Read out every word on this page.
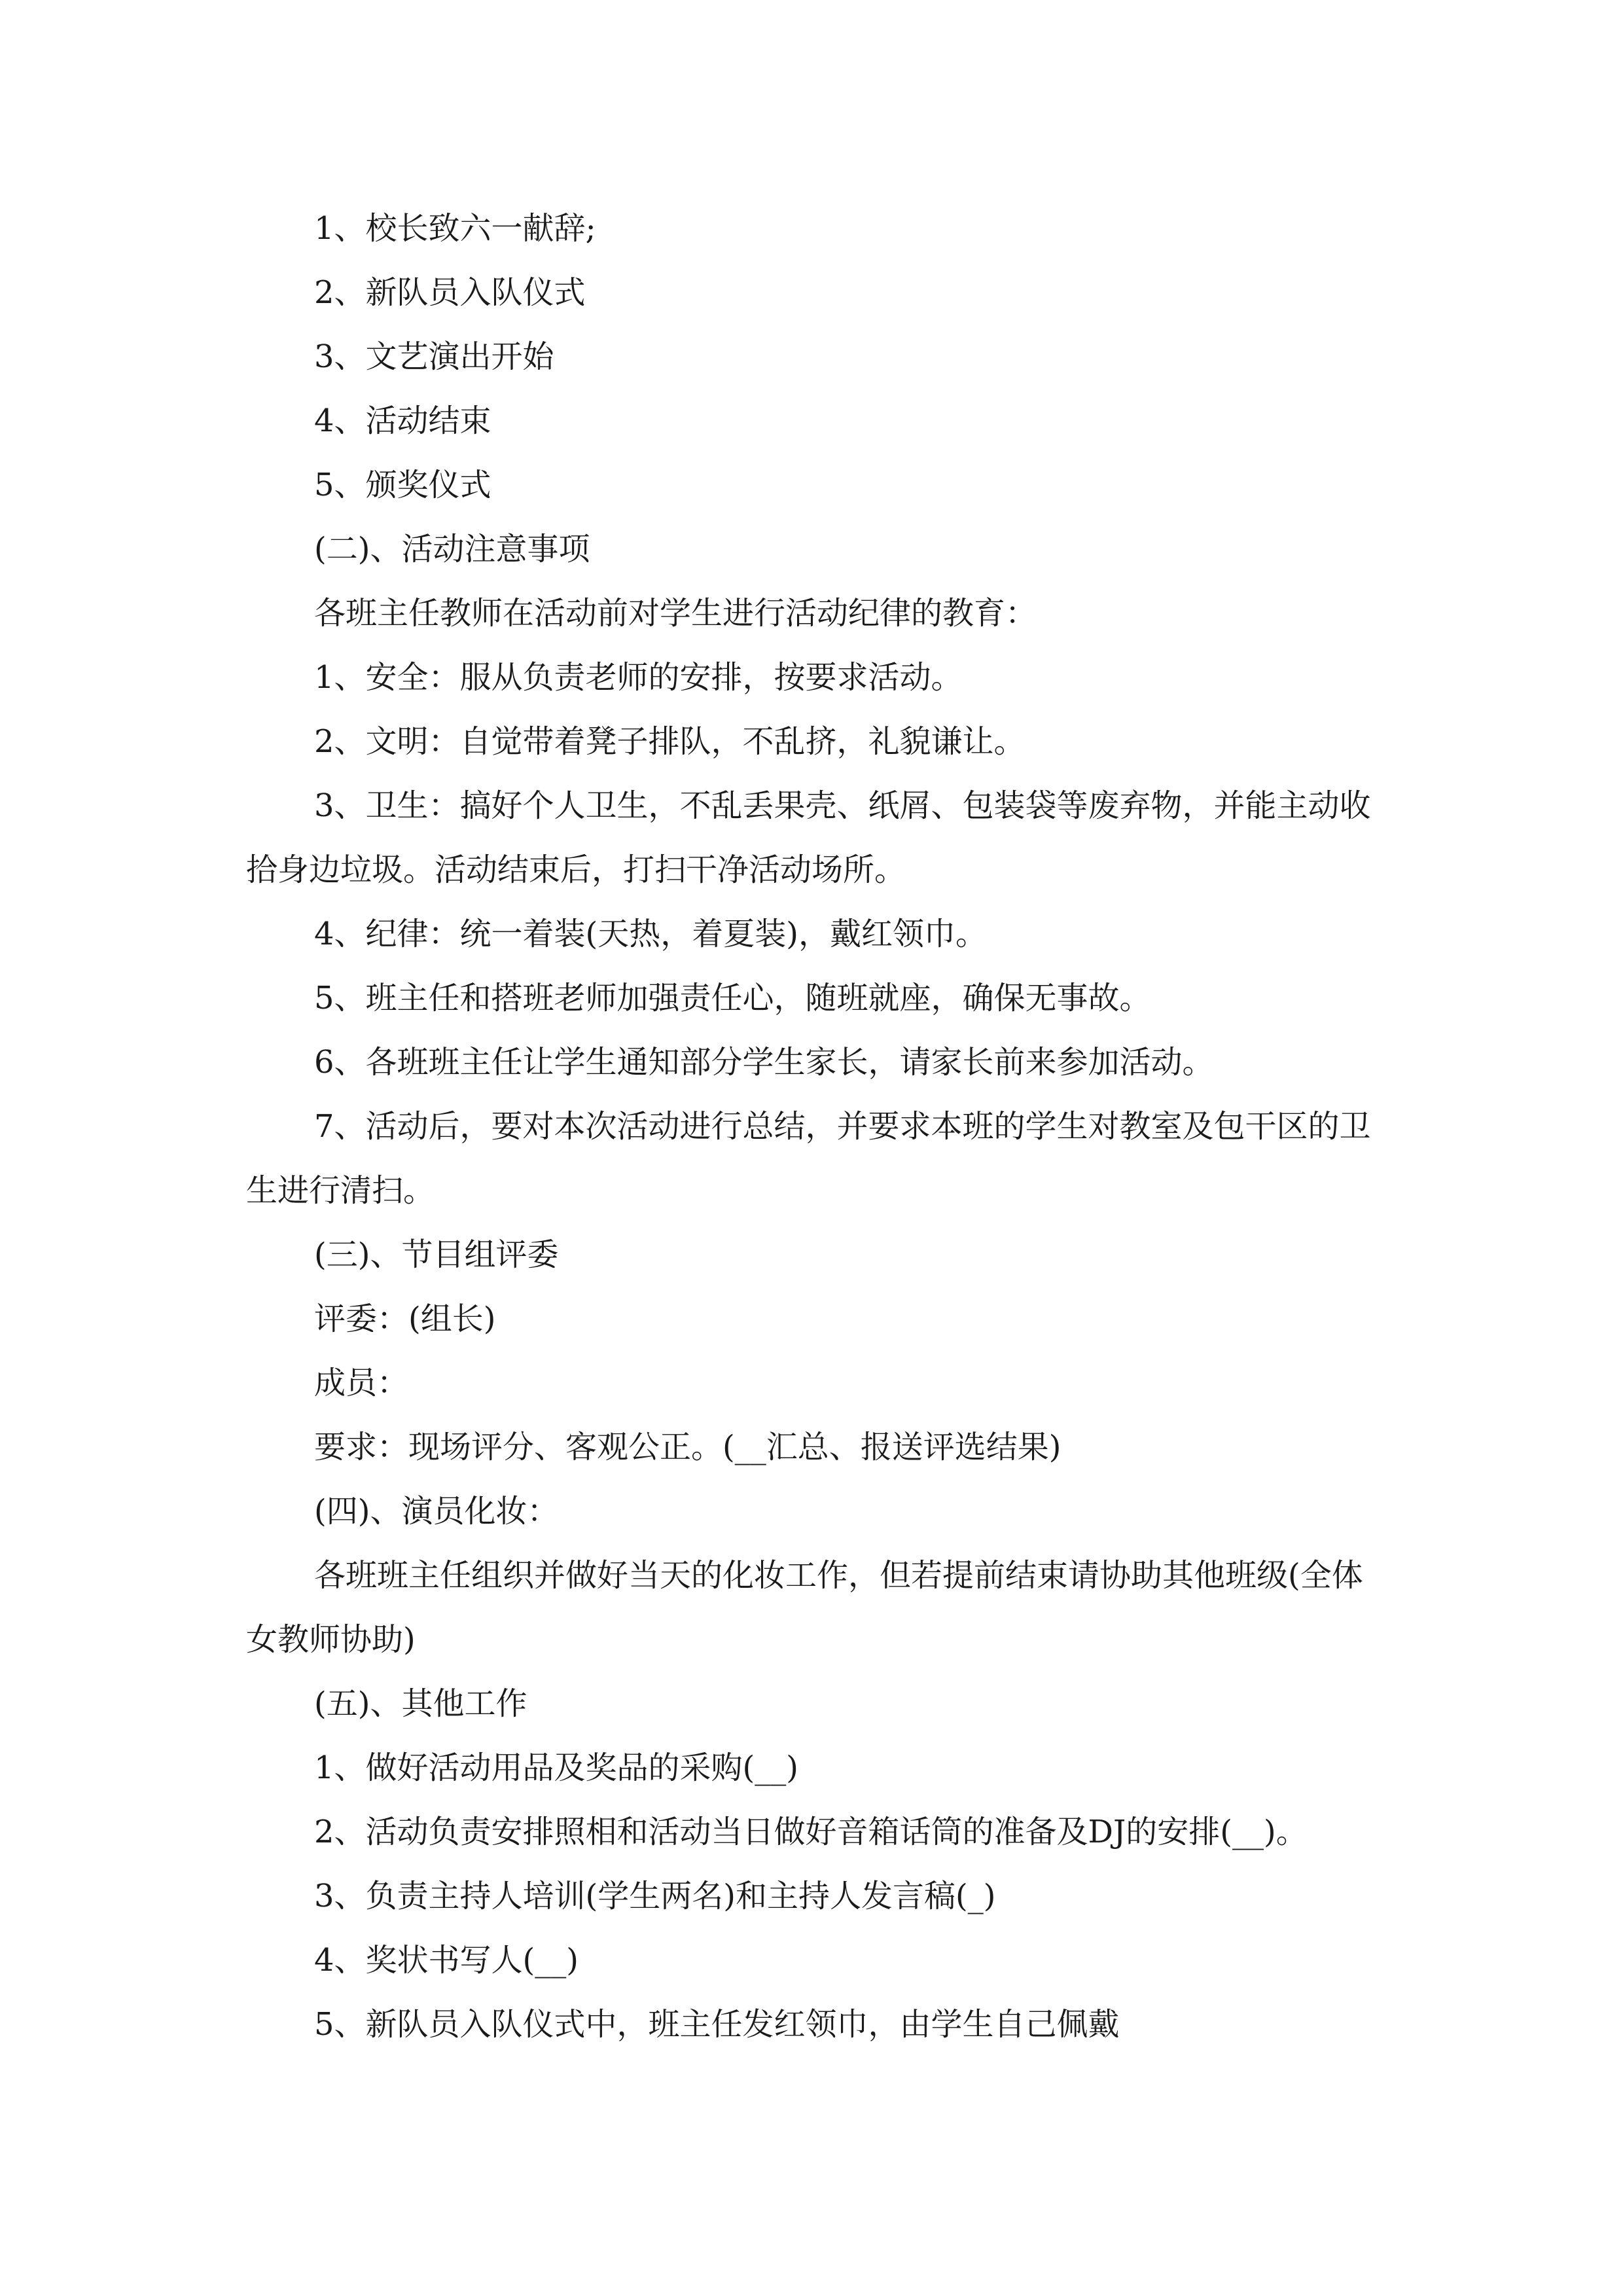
1、校长致六一献辞;

2、新队员入队仪式

3、文艺演出开始

4、活动结束

5、颁奖仪式

(二)、活动注意事项

各班主任教师在活动前对学生进行活动纪律的教育：

1、安全：服从负责老师的安排，按要求活动。

2、文明：自觉带着凳子排队，不乱挤，礼貌谦让。

3、卫生：搞好个人卫生，不乱丢果壳、纸屑、包装袋等废弃物，并能主动收拾身边垃圾。活动结束后，打扫干净活动场所。

4、纪律：统一着装(天热，着夏装)，戴红领巾。

5、班主任和搭班老师加强责任心，随班就座，确保无事故。

6、各班班主任让学生通知部分学生家长，请家长前来参加活动。

7、活动后，要对本次活动进行总结，并要求本班的学生对教室及包干区的卫生进行清扫。

(三)、节目组评委

评委：(组长)

成员：

要求：现场评分、客观公正。(__汇总、报送评选结果)

(四)、演员化妆：

各班班主任组织并做好当天的化妆工作，但若提前结束请协助其他班级(全体女教师协助)

(五)、其他工作

1、做好活动用品及奖品的采购(__)

2、活动负责安排照相和活动当日做好音箱话筒的准备及DJ的安排(__)。

3、负责主持人培训(学生两名)和主持人发言稿(_)

4、奖状书写人(__)

5、新队员入队仪式中，班主任发红领巾，由学生自己佩戴
